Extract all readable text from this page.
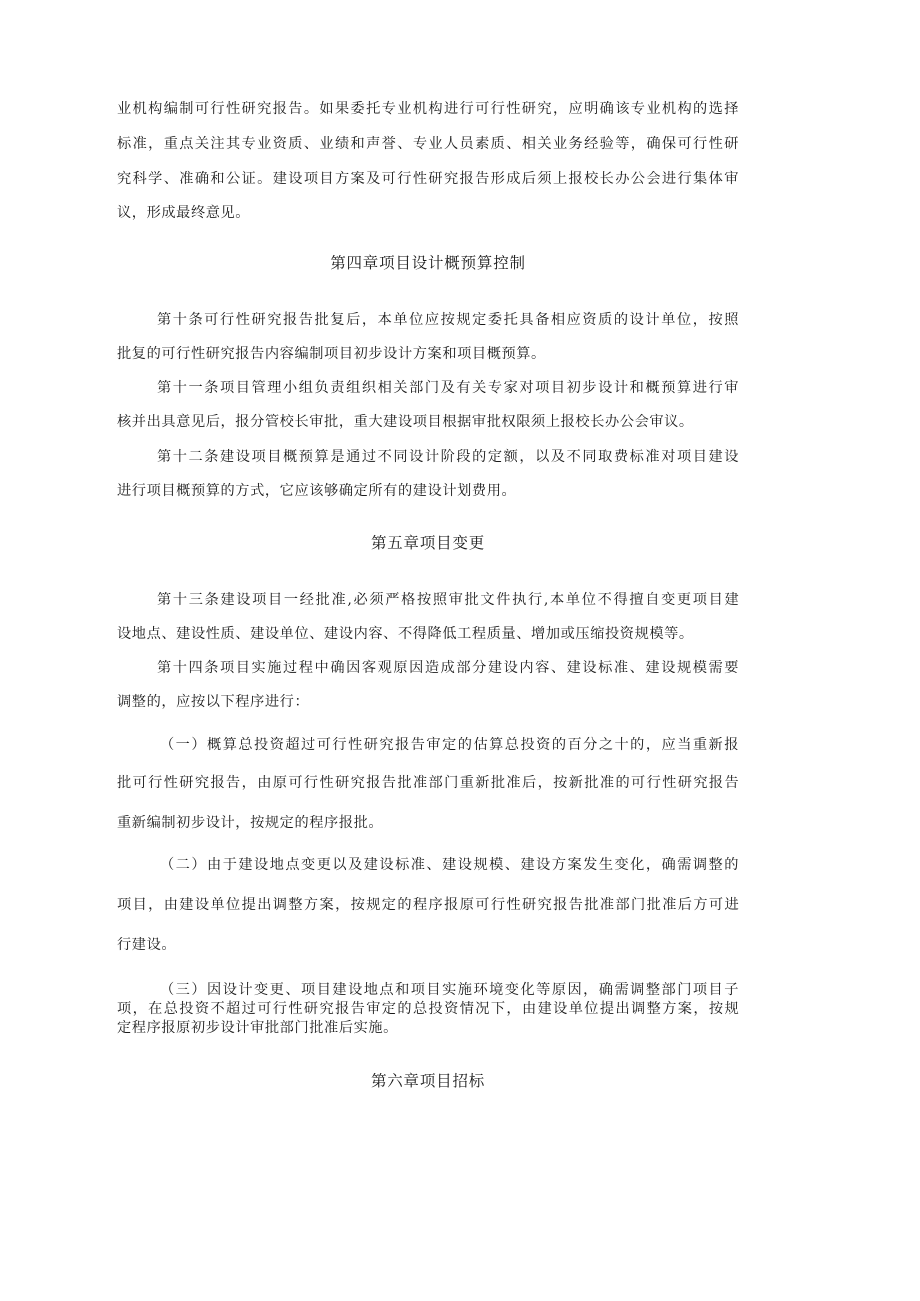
业机构编制可行性研究报告。如果委托专业机构进行可行性研究，应明确该专业机构的选择
标准，重点关注其专业资质、业绩和声誉、专业人员素质、相关业务经验等，确保可行性研
究科学、准确和公证。建设项目方案及可行性研究报告形成后须上报校长办公会进行集体审
议，形成最终意见。
第四章项目设计概预算控制
第十条可行性研究报告批复后，本单位应按规定委托具备相应资质的设计单位，按照
批复的可行性研究报告内容编制项目初步设计方案和项目概预算。
第十一条项目管理小组负责组织相关部门及有关专家对项目初步设计和概预算进行审
核并出具意见后，报分管校长审批，重大建设项目根据审批权限须上报校长办公会审议。
第十二条建设项目概预算是通过不同设计阶段的定额，以及不同取费标准对项目建设
进行项目概预算的方式，它应该够确定所有的建设计划费用。
第五章项目变更
第十三条建设项目一经批准,必须严格按照审批文件执行,本单位不得擅自变更项目建
设地点、建设性质、建设单位、建设内容、不得降低工程质量、增加或压缩投资规模等。
第十四条项目实施过程中确因客观原因造成部分建设内容、建设标准、建设规模需要
调整的，应按以下程序进行：
（一）概算总投资超过可行性研究报告审定的估算总投资的百分之十的，应当重新报
批可行性研究报告，由原可行性研究报告批准部门重新批准后，按新批准的可行性研究报告
重新编制初步设计，按规定的程序报批。
（二）由于建设地点变更以及建设标准、建设规模、建设方案发生变化，确需调整的
项目，由建设单位提出调整方案，按规定的程序报原可行性研究报告批准部门批准后方可进
行建设。
（三）因设计变更、项目建设地点和项目实施环境变化等原因，确需调整部门项目子
项，在总投资不超过可行性研究报告审定的总投资情况下，由建设单位提出调整方案，按规
定程序报原初步设计审批部门批准后实施。
第六章项目招标
